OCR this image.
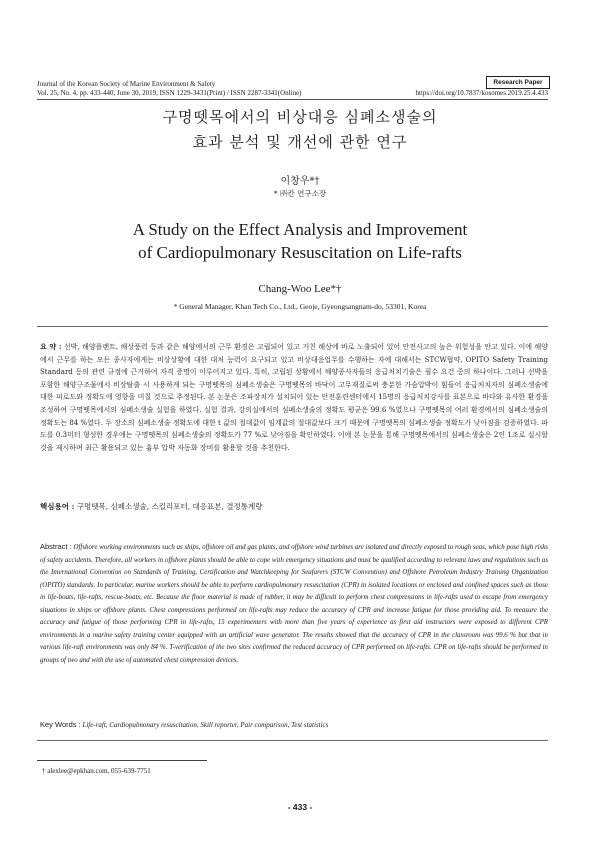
Journal of the Korean Society of Marine Environment & Safety
Vol. 25, No. 4, pp. 433-440, June 30, 2019, ISSN 1229-3431(Print) / ISSN 2287-3341(Online)
Research Paper
https://doi.org/10.7837/kosomes.2019.25.4.433
구명뗏목에서의 비상대응 심폐소생술의
효과 분석 및 개선에 관한 연구
이창우*†
* ㈜칸 연구소장
A Study on the Effect Analysis and Improvement
of Cardiopulmonary Resuscitation on Life-rafts
Chang-Woo Lee*†
* General Manager, Khan Tech Co., Ltd., Geoje, Gyeongsangnam-do, 53301, Korea
요 약 : 선박, 해양플랜트, 해상풍력 등과 같은 해양에서의 근무 환경은 고립되어 있고 거친 해상에 바로 노출되어 있어 안전사고의 높은 위험성을 안고 있다. 이에 해양에서 근무를 하는 모든 종사자에게는 비상상황에 대한 대처 능력이 요구되고 있고 비상대응업무를 수행하는 자에 대해서는 STCW협약, OPITO Safety Training Standard 등의 관련 규정에 근거하여 자격 증명이 이루어지고 있다. 특히, 고립된 상황에서 해양종사자들의 응급처치기술은 필수 요건 중의 하나이다. 그러나 선박을 포함한 해양구조물에서 비상탈출 시 사용하게 되는 구명뗏목의 심폐소생술은 구명뗏목의 바닥이 고무재질로써 충분한 가슴압박이 힘들어 응급처치자의 심폐소생술에 대한 피로도와 정확도에 영향을 미칠 것으로 추정된다. 본 논문은 조파장치가 설치되어 있는 안전훈련센터에서 15명의 응급처치강사를 표본으로 바다와 유사한 환경을 조성하여 구명뗏목에서의 심폐소생술 실험을 하였다. 실험 결과, 강의실에서의 심폐소생술의 정확도 평균은 99.6 %였으나 구명뗏목의 여러 환경에서의 심폐소생술의 정확도는 84 %였다. 두 장소의 심폐소생술 정확도에 대한 t 값의 절대값이 임계값의 절대값보다 크기 때문에 구명뗏목의 심폐소생술 정확도가 낮아짐을 검증하였다. 파도를 0.3미터 형성한 경우에는 구명뗏목의 심폐소생술의 정확도가 77 %로 낮아짐을 확인하였다. 이에 본 논문을 통해 구명뗏목에서의 심폐소생술은 2인 1조로 실시할 것을 제시하며 최근 활용되고 있는 흉부 압박 자동화 장비를 활용할 것을 추천한다.
핵심용어 : 구명뗏목, 심폐소생술, 스킬리포터, 대응표본, 결정통계량
Abstract : Offshore working environments such as ships, offshore oil and gas plants, and offshore wind turbines are isolated and directly exposed to rough seas, which pose high risks of safety accidents. Therefore, all workers in offshore plants should be able to cope with emergency situations and must be qualified according to relevant laws and regulations such as the International Convention on Standards of Training, Certification and Watchkeeping for Seafarers (STCW Convention) and Offshore Petroleum Industry Training Organization (OPITO) standards. In particular, marine workers should be able to perform cardiopulmonary resuscitation (CPR) in isolated locations or enclosed and confined spaces such as those in life-boats, life-rafts, rescue-boats, etc. Because the floor material is made of rubber, it may be difficult to perform chest compressions in life-rafts used to escape from emergency situations in ships or offshore plants. Chest compressions performed on life-rafts may reduce the accuracy of CPR and increase fatigue for those providing aid. To measure the accuracy and fatigue of those performing CPR in life-rafts, 15 experimenters with more than five years of experience as first aid instructors were exposed to different CPR environments in a marine safety training center equipped with an artificial wave generator. The results showed that the accuracy of CPR in the classroom was 99.6 % but that in various life-raft environments was only 84 %. T-verification of the two sites confirmed the reduced accuracy of CPR performed on life-rafts. CPR on life-rafts should be performed in groups of two and with the use of automated chest compression devices.
Key Words : Life-raft, Cardiopulmonary resuscitation, Skill reporter, Pair comparison, Test statistics
† alexlee@epkhan.com, 055-639-7751
- 433 -
